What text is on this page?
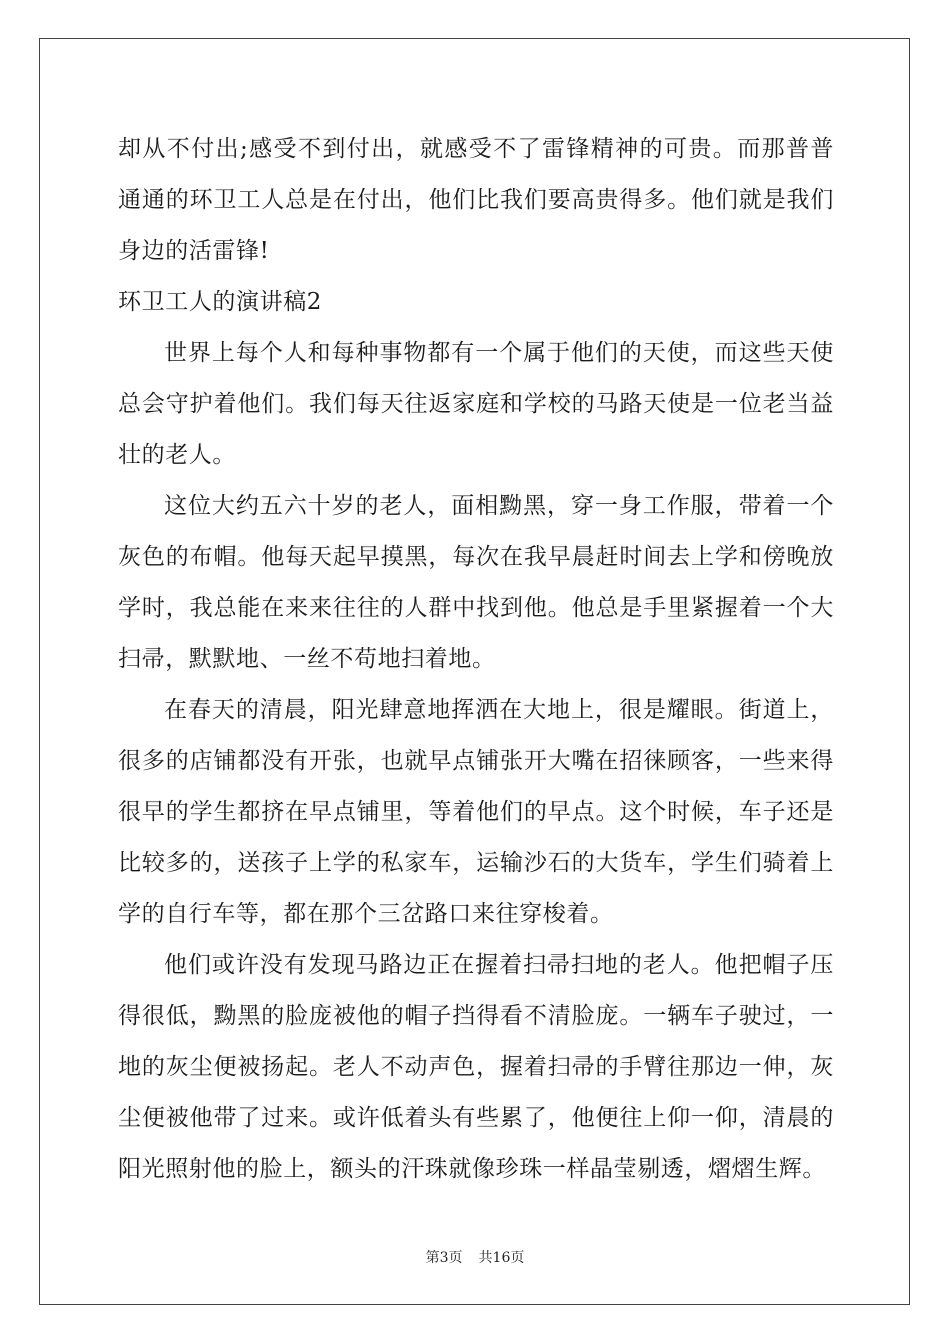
却从不付出;感受不到付出，就感受不了雷锋精神的可贵。而那普普通通的环卫工人总是在付出，他们比我们要高贵得多。他们就是我们身边的活雷锋!

环卫工人的演讲稿2

世界上每个人和每种事物都有一个属于他们的天使，而这些天使总会守护着他们。我们每天往返家庭和学校的马路天使是一位老当益壮的老人。

这位大约五六十岁的老人，面相黝黑，穿一身工作服，带着一个灰色的布帽。他每天起早摸黑，每次在我早晨赶时间去上学和傍晚放学时，我总能在来来往往的人群中找到他。他总是手里紧握着一个大扫帚，默默地、一丝不苟地扫着地。

在春天的清晨，阳光肆意地挥洒在大地上，很是耀眼。街道上，很多的店铺都没有开张，也就早点铺张开大嘴在招徕顾客，一些来得很早的学生都挤在早点铺里，等着他们的早点。这个时候，车子还是比较多的，送孩子上学的私家车，运输沙石的大货车，学生们骑着上学的自行车等，都在那个三岔路口来往穿梭着。

他们或许没有发现马路边正在握着扫帚扫地的老人。他把帽子压得很低，黝黑的脸庞被他的帽子挡得看不清脸庞。一辆车子驶过，一地的灰尘便被扬起。老人不动声色，握着扫帚的手臂往那边一伸，灰尘便被他带了过来。或许低着头有些累了，他便往上仰一仰，清晨的阳光照射他的脸上，额头的汗珠就像珍珠一样晶莹剔透，熠熠生辉。

第3页 共16页
